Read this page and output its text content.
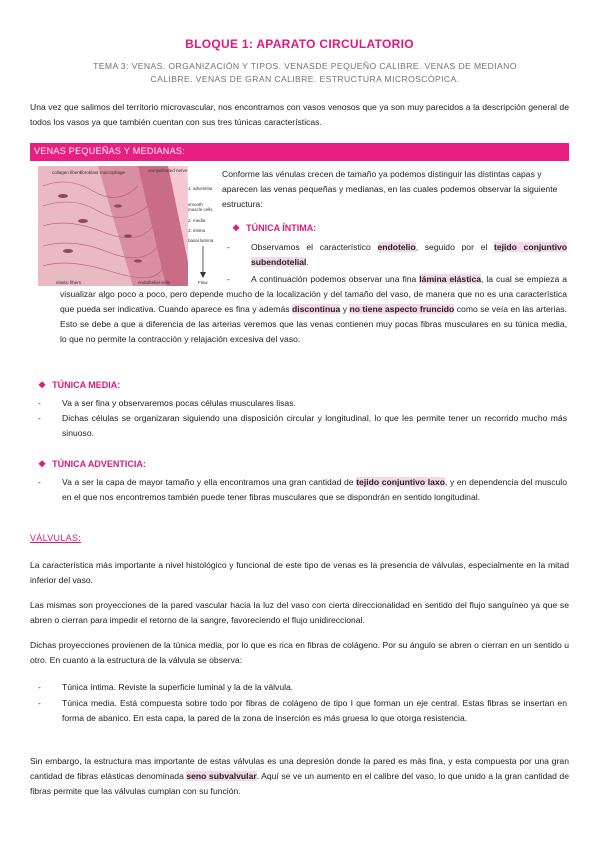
BLOQUE 1: APARATO CIRCULATORIO
TEMA 3: VENAS. ORGANIZACIÓN Y TIPOS. VENASDE PEQUEÑO CALIBRE. VENAS DE MEDIANO CALIBRE. VENAS DE GRAN CALIBRE. ESTRUCTURA MICROSCÓPICA.
Una vez que salimos del territorio microvascular, nos encontramos con vasos venosos que ya son muy parecidos a la descripción general de todos los vasos ya que también cuentan con sus tres túnicas características.
VENAS PEQUEÑAS Y MEDIANAS:
collagen fibers
fibroblast macrophage	unmyelinated nerve
1. adventitia
smooth muscle cells
2. media
3. intima
basal lamina
elastic fibers	endothelial cells	Flow
Conforme las vénulas crecen de tamaño ya podemos distinguir las distintas capas y aparecen las venas pequeñas y medianas, en las cuales podemos observar la siguiente estructura:
❖ TÚNICA ÍNTIMA:
- Observamos el característico endotelio, seguido por el tejido conjuntivo subendotelial.
-	A continuación podemos observar una fina lámina elástica, la cual se empieza a visualizar algo poco a poco, pero depende mucho de la localización y del tamaño del vaso, de manera que no es una característica que pueda ser indicativa. Cuando aparece es fina y además discontinua y no tiene aspecto fruncido como se veía en las arterias. Esto se debe a que a diferencia de las arterias veremos que las venas contienen muy pocas fibras musculares en su túnica media, lo que no permite la contracción y relajación excesiva del vaso.
❖ TÚNICA MEDIA:
- Va a ser fina y observaremos pocas células musculares lisas.
- Dichas células se organizaran siguiendo una disposición circular y longitudinal, lo que les permite tener un recorrido mucho más sinuoso.
❖ TÚNICA ADVENTICIA:
- Va a ser la capa de mayor tamaño y ella encontramos una gran cantidad de tejido conjuntivo laxo, y en dependencia del musculo en el que nos encontremos también puede tener fibras musculares que se dispondrán en sentido longitudinal.
VÁLVULAS:
La característica más importante a nivel histológico y funcional de este tipo de venas es la presencia de válvulas, especialmente en la mitad inferior del vaso.
Las mismas son proyecciones de la pared vascular hacia la luz del vaso con cierta direccionalidad en sentido del flujo sanguíneo ya que se abren o cierran para impedir el retorno de la sangre, favoreciendo el flujo unidireccional.
Dichas proyecciones provienen de la túnica media, por lo que es rica en fibras de colágeno. Por su ángulo se abren o cierran en un sentido u otro. En cuanto a la estructura de la válvula se observa:
- Túnica íntima. Reviste la superficie luminal y la de la válvula.
- Túnica media. Está compuesta sobre todo por fibras de colágeno de tipo I que forman un eje central. Estas fibras se insertan en forma de abanico. En esta capa, la pared de la zona de inserción es más gruesa lo que otorga resistencia.
Sin embargo, la estructura mas importante de estas válvulas es una depresión donde la pared es más fina, y esta compuesta por una gran cantidad de fibras elásticas denominada seno subvalvular. Aquí se ve un aumento en el calibre del vaso, lo que unido a la gran cantidad de fibras permite que las válvulas cumplan con su función.
